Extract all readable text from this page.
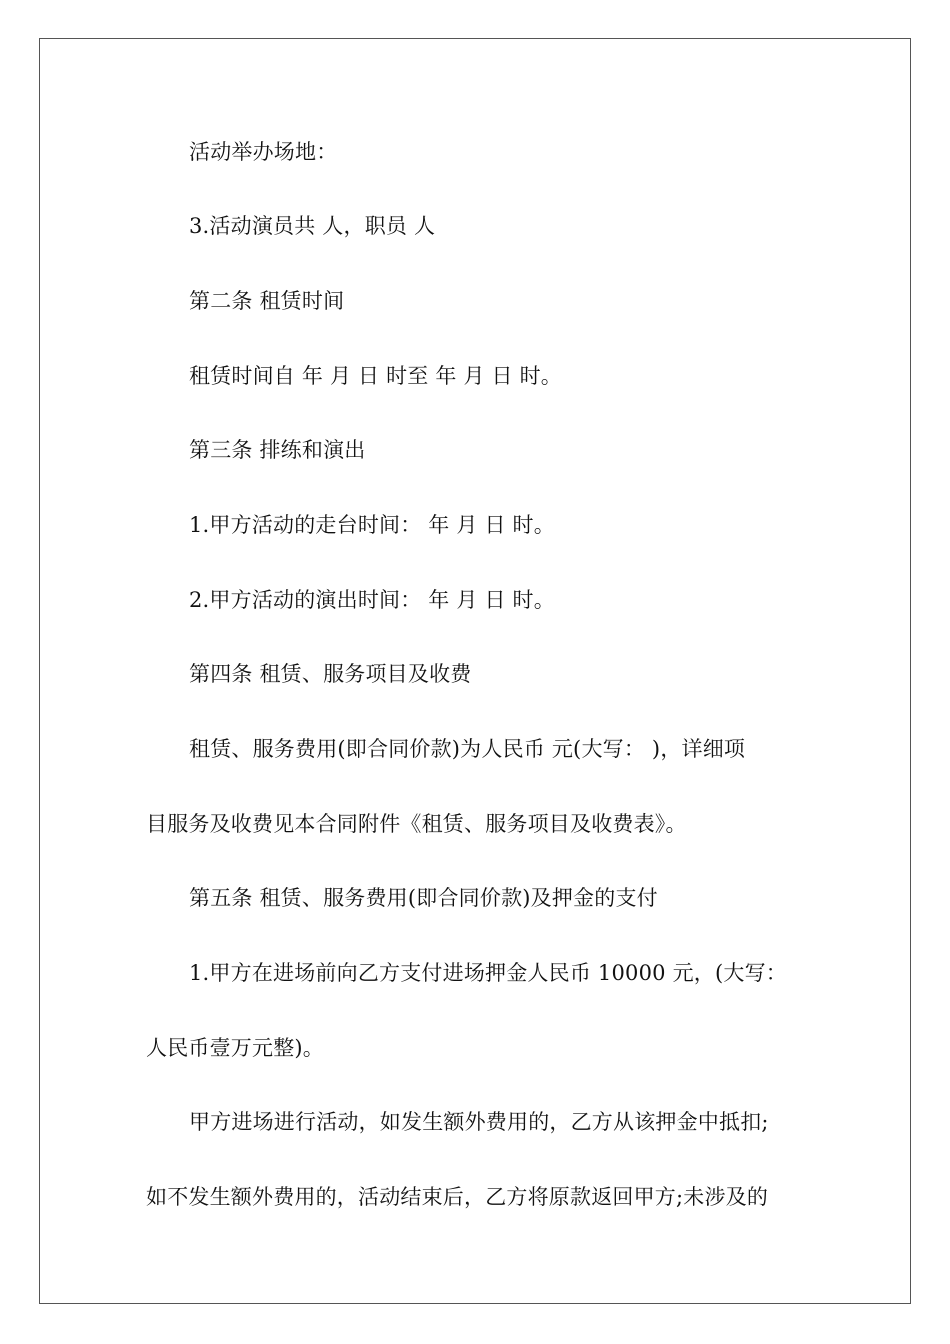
活动举办场地：

3.活动演员共 人，职员 人

第二条 租赁时间

租赁时间自 年 月 日 时至 年 月 日 时。

第三条 排练和演出

1.甲方活动的走台时间： 年 月 日 时。

2.甲方活动的演出时间： 年 月 日 时。

第四条 租赁、服务项目及收费

租赁、服务费用(即合同价款)为人民币 元(大写： )，详细项

目服务及收费见本合同附件《租赁、服务项目及收费表》。

第五条 租赁、服务费用(即合同价款)及押金的支付

1.甲方在进场前向乙方支付进场押金人民币 10000 元，(大写：

人民币壹万元整)。

甲方进场进行活动，如发生额外费用的，乙方从该押金中抵扣;

如不发生额外费用的，活动结束后，乙方将原款返回甲方;未涉及的
